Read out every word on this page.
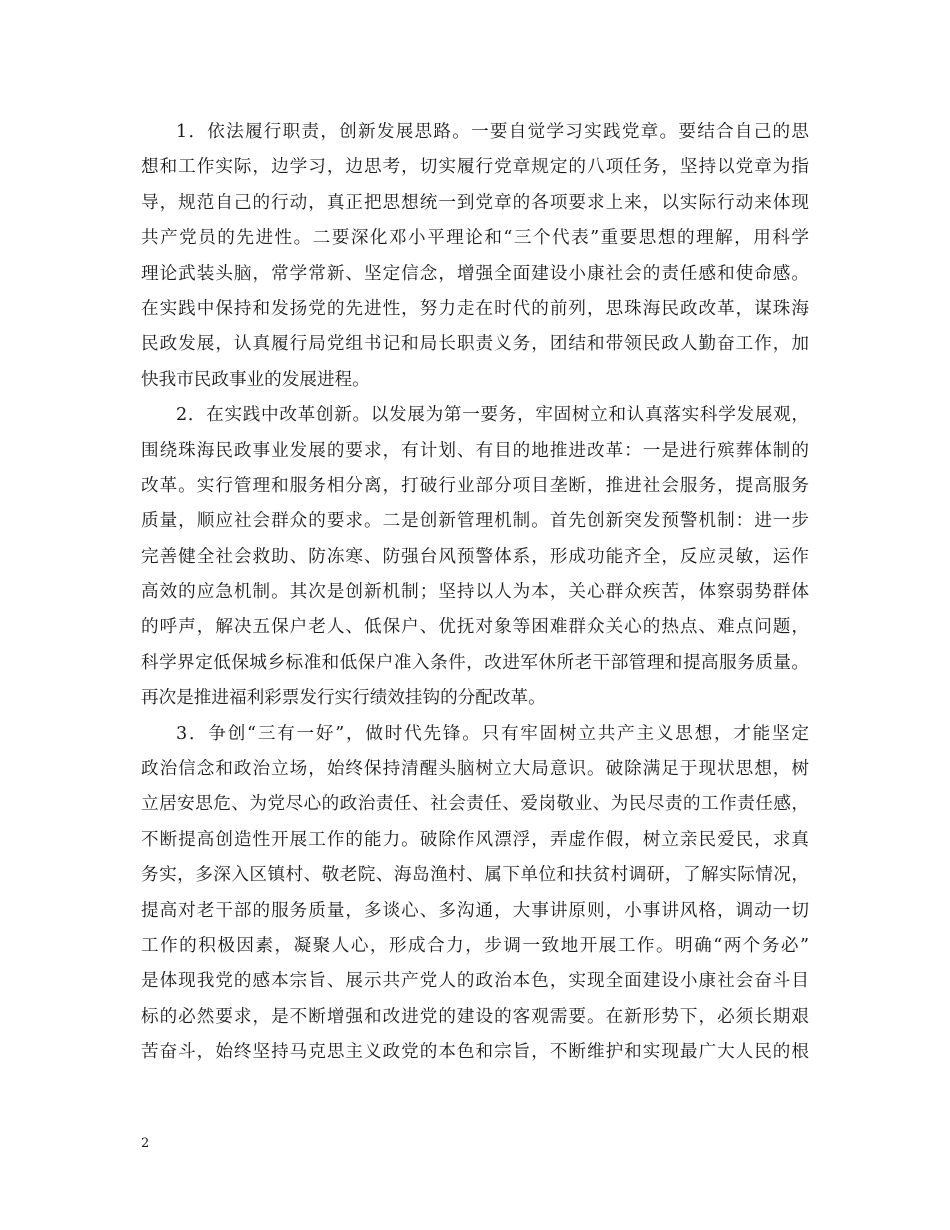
1．依法履行职责，创新发展思路。一要自觉学习实践党章。要结合自己的思
想和工作实际，边学习，边思考，切实履行党章规定的八项任务，坚持以党章为指
导，规范自己的行动，真正把思想统一到党章的各项要求上来，以实际行动来体现
共产党员的先进性。二要深化邓小平理论和“三个代表”重要思想的理解，用科学
理论武装头脑，常学常新、坚定信念，增强全面建设小康社会的责任感和使命感。
在实践中保持和发扬党的先进性，努力走在时代的前列，思珠海民政改革，谋珠海
民政发展，认真履行局党组书记和局长职责义务，团结和带领民政人勤奋工作，加
快我市民政事业的发展进程。
2．在实践中改革创新。以发展为第一要务，牢固树立和认真落实科学发展观，
围绕珠海民政事业发展的要求，有计划、有目的地推进改革：一是进行殡葬体制的
改革。实行管理和服务相分离，打破行业部分项目垄断，推进社会服务，提高服务
质量，顺应社会群众的要求。二是创新管理机制。首先创新突发预警机制：进一步
完善健全社会救助、防冻寒、防强台风预警体系，形成功能齐全，反应灵敏，运作
高效的应急机制。其次是创新机制；坚持以人为本，关心群众疾苦，体察弱势群体
的呼声，解决五保户老人、低保户、优抚对象等困难群众关心的热点、难点问题，
科学界定低保城乡标准和低保户准入条件，改进军休所老干部管理和提高服务质量。
再次是推进福利彩票发行实行绩效挂钩的分配改革。
3．争创“三有一好”，做时代先锋。只有牢固树立共产主义思想，才能坚定
政治信念和政治立场，始终保持清醒头脑树立大局意识。破除满足于现状思想，树
立居安思危、为党尽心的政治责任、社会责任、爱岗敬业、为民尽责的工作责任感，
不断提高创造性开展工作的能力。破除作风漂浮，弄虚作假，树立亲民爱民，求真
务实，多深入区镇村、敬老院、海岛渔村、属下单位和扶贫村调研，了解实际情况，
提高对老干部的服务质量，多谈心、多沟通，大事讲原则，小事讲风格，调动一切
工作的积极因素，凝聚人心，形成合力，步调一致地开展工作。明确“两个务必”
是体现我党的感本宗旨、展示共产党人的政治本色，实现全面建设小康社会奋斗目
标的必然要求，是不断增强和改进党的建设的客观需要。在新形势下，必须长期艰
苦奋斗，始终坚持马克思主义政党的本色和宗旨，不断维护和实现最广大人民的根
2
